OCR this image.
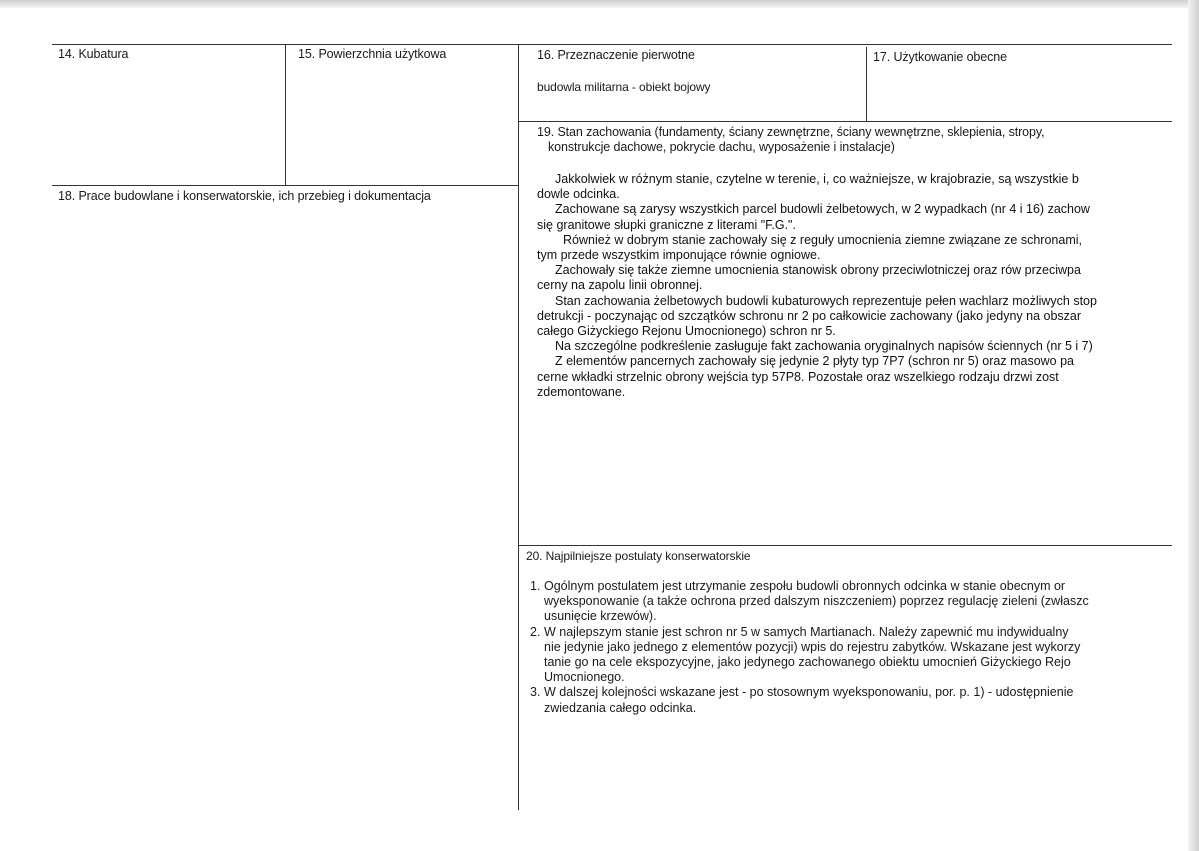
14. Kubatura	15. Powierzchnia użytkowa	16. Przeznaczenie pierwotne
budowla militarna - obiekt bojowy
17. Użytkowanie obecne
18. Prace budowlane i konserwatorskie, ich przebieg i dokumentacja
19. Stan zachowania (fundamenty, ściany zewnętrzne, ściany wewnętrzne, sklepienia, stropy,
konstrukcje dachowe, pokrycie dachu, wyposażenie i instalacje)

Jakkolwiek w różnym stanie, czytelne w terenie, i, co ważniejsze, w krajobrazie, są wszystkie b

dowle odcinka.

Zachowane są zarysy wszystkich parcel budowli żelbetowych, w 2 wypadkach (nr 4 i 16) zachow

się granitowe słupki graniczne z literami "F.G.".

Również w dobrym stanie zachowały się z reguły umocnienia ziemne związane ze schronami,

tym przede wszystkim imponujące równie ogniowe.

Zachowały się także ziemne umocnienia stanowisk obrony przeciwlotniczej oraz rów przeciwpa

cerny na zapolu linii obronnej.

Stan zachowania żelbetowych budowli kubaturowych reprezentuje pełen wachlarz możliwych stop

detrukcji - poczynając od szczątków schronu nr 2 po całkowicie zachowany (jako jedyny na obszar

całego Giżyckiego Rejonu Umocnionego) schron nr 5.

Na szczególne podkreślenie zasługuje fakt zachowania oryginalnych napisów ściennych (nr 5 i 7)

Z elementów pancernych zachowały się jedynie 2 płyty typ 7P7 (schron nr 5) oraz masowo pa

cerne wkładki strzelnic obrony wejścia typ 57P8. Pozostałe oraz wszelkiego rodzaju drzwi zost

zdemontowane.

20. Najpilniejsze postulaty konserwatorskie
1. Ogólnym postulatem jest utrzymanie zespołu budowli obronnych odcinka w stanie obecnym or
wyeksponowanie (a także ochrona przed dalszym niszczeniem) poprzez regulację zieleni (zwłaszc
usunięcie krzewów).
2. W najlepszym stanie jest schron nr 5 w samych Martianach. Należy zapewnić mu indywidualny
nie jedynie jako jednego z elementów pozycji) wpis do rejestru zabytków. Wskazane jest wykorzy
tanie go na cele ekspozycyjne, jako jedynego zachowanego obiektu umocnień Giżyckiego Rejo
Umocnionego.
3. W dalszej kolejności wskazane jest - po stosownym wyeksponowaniu, por. p. 1) - udostępnienie
zwiedzania całego odcinka.
